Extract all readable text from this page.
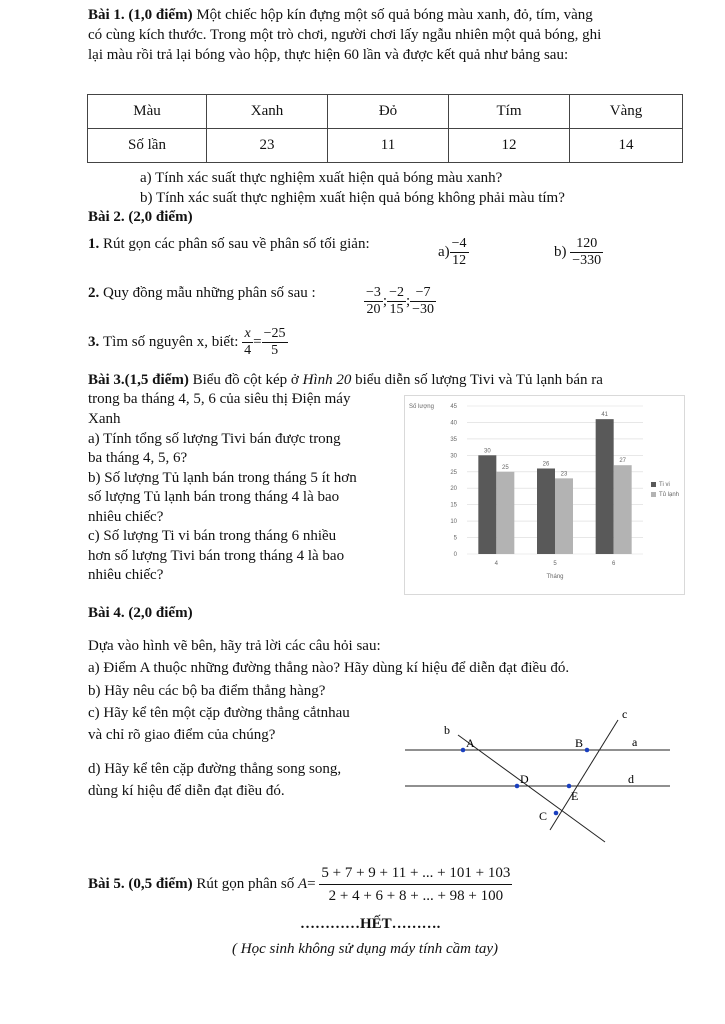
Bài 1. (1,0 điểm) Một chiếc hộp kín đựng một số quả bóng màu xanh, đỏ, tím, vàng
có cùng kích thước. Trong một trò chơi, người chơi lấy ngẫu nhiên một quả bóng, ghi
lại màu rồi trả lại bóng vào hộp, thực hiện 60 lần và được kết quả như bảng sau:
Màu	Xanh	Đỏ	Tím	Vàng
Số lần	23	11	12	14
a) Tính xác suất thực nghiệm xuất hiện quả bóng màu xanh?
b) Tính xác suất thực nghiệm xuất hiện quả bóng không phải màu tím?
Bài 2. (2,0 điểm)
1. Rút gọn các phân số sau về phân số tối giản:	$a) \frac{-4}{12}$	$b) \frac{120}{-330}$
2. Quy đồng mẫu những phân số sau :	$\frac{-3}{20}$ ; $\frac{-2}{15}$ ; $\frac{-7}{-30}$
3. Tìm số nguyên x, biết: $\frac{x}{4} = \frac{-25}{5}$
Bài 3.(1,5 điểm) Biểu đồ cột kép ở Hình 20 biểu diễn số lượng Tivi và Tủ lạnh bán ra
trong ba tháng 4, 5, 6 của siêu thị Điện máy
Xanh
a) Tính tổng số lượng Tivi bán được trong
ba tháng 4, 5, 6?
b) Số lượng Tủ lạnh bán trong tháng 5 ít hơn
số lượng Tủ lạnh bán trong tháng 4 là bao
nhiêu chiếc?
c) Số lượng Ti vi bán trong tháng 6 nhiều
hơn số lượng Tivi bán trong tháng 4 là bao
nhiêu chiếc?
0
5
10
15
20
25
30
35
40
45
Số lượng
30
25
4
26
23
5
41
27
6
Tháng
Ti vi
Tủ lạnh
Bài 4. (2,0 điểm)
Dựa vào hình vẽ bên, hãy trả lời các câu hỏi sau:
a) Điểm A thuộc những đường thẳng nào? Hãy dùng kí hiệu để diễn đạt điều đó.
b) Hãy nêu các bộ ba điểm thẳng hàng?
c) Hãy kể tên một cặp đường thẳng cắtnhau
và chỉ rõ giao điểm của chúng?
d) Hãy kể tên cặp đường thẳng song song,
dùng kí hiệu để diễn đạt điều đó.
A	B
D
E
C
a
b
c
d
Bài 5. (0,5 điểm) Rút gọn phân số $A= \frac{5 + 7 + 9 + 11 + ... + 101 + 103}{2 + 4 + 6 + 8 + ... + 98 + 100}$
…………HẾT……….
( Học sinh không sử dụng máy tính cầm tay)
